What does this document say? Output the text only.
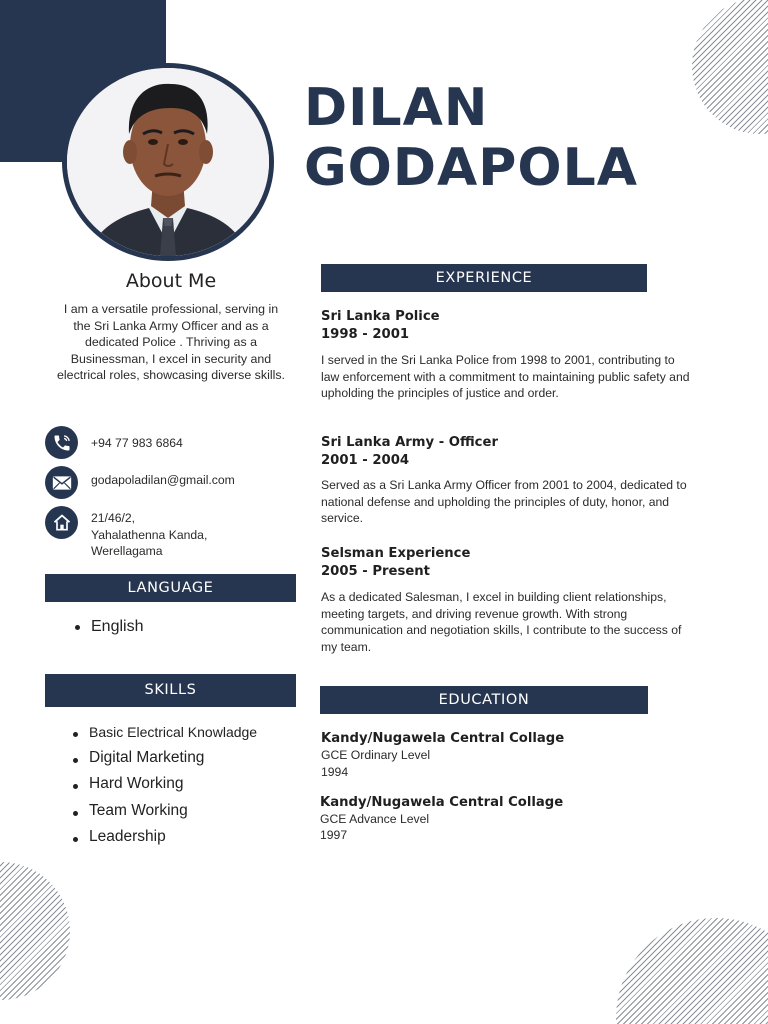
DILAN
GODAPOLA
About Me
I am a versatile professional, serving in the Sri Lanka Army Officer and as a dedicated Police . Thriving as a Businessman, I excel in security and electrical roles, showcasing diverse skills.
+94 77 983 6864
godapoladilan@gmail.com
21/46/2,
Yahalathenna Kanda,
Werellagama
LANGUAGE
English
SKILLS
Basic Electrical Knowladge
Digital Marketing
Hard Working
Team Working
Leadership
EXPERIENCE
Sri Lanka Police
1998 - 2001
I served in the Sri Lanka Police from 1998 to 2001, contributing to law enforcement with a commitment to maintaining public safety and upholding the principles of justice and order.
Sri Lanka Army - Officer
2001 - 2004
Served as a Sri Lanka Army Officer from 2001 to 2004, dedicated to national defense and upholding the principles of duty, honor, and service.
Selsman Experience
2005 - Present
As a dedicated Salesman, I excel in building client relationships, meeting targets, and driving revenue growth. With strong communication and negotiation skills, I contribute to the success of my team.
EDUCATION
Kandy/Nugawela Central Collage
GCE Ordinary Level
1994
Kandy/Nugawela Central Collage
GCE Advance Level
1997
